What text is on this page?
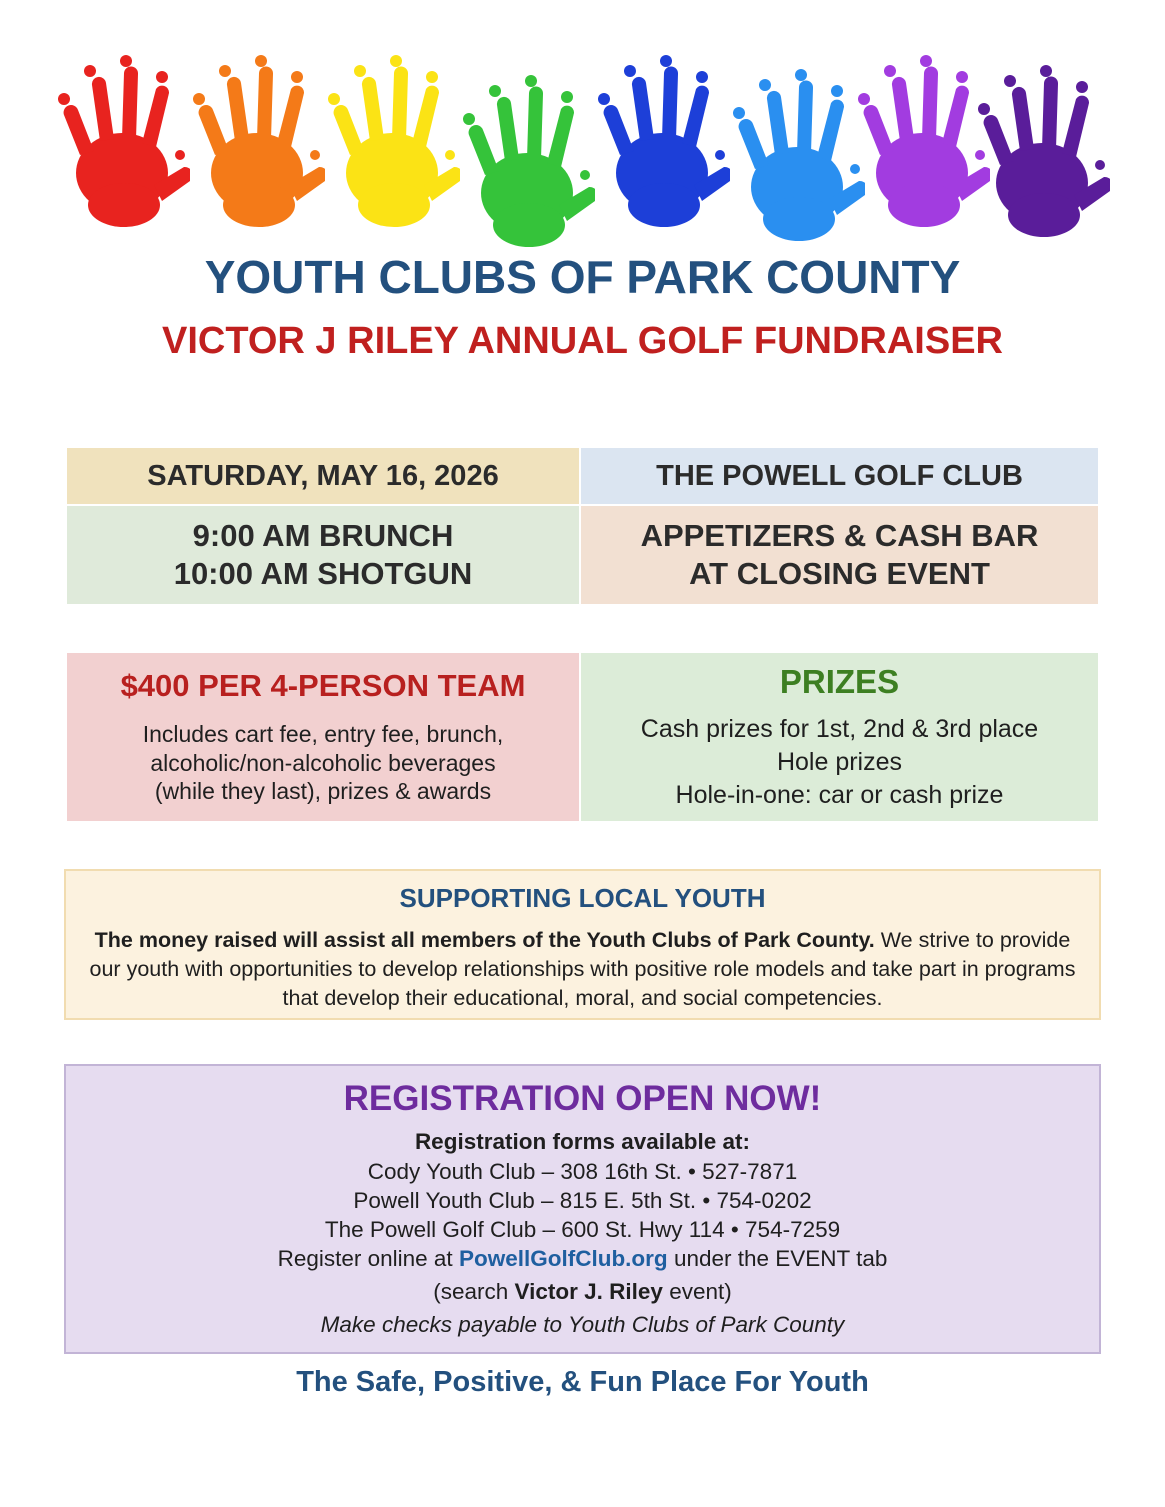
YOUTH CLUBS OF PARK COUNTY
VICTOR J RILEY ANNUAL GOLF FUNDRAISER
SATURDAY, MAY 16, 2026	THE POWELL GOLF CLUB
9:00 AM BRUNCH
10:00 AM SHOTGUN
APPETIZERS & CASH BAR
AT CLOSING EVENT
$400 PER 4-PERSON TEAM
Includes cart fee, entry fee, brunch,
alcoholic/non-alcoholic beverages
(while they last), prizes & awards
PRIZES
Cash prizes for 1st, 2nd & 3rd place
Hole prizes
Hole-in-one: car or cash prize
SUPPORTING LOCAL YOUTH
The money raised will assist all members of the Youth Clubs of Park County. We strive to provide our youth with opportunities to develop relationships with positive role models and take part in programs that develop their educational, moral, and social competencies.
REGISTRATION OPEN NOW!
Registration forms available at:
Cody Youth Club – 308 16th St. • 527-7871
Powell Youth Club – 815 E. 5th St. • 754-0202
The Powell Golf Club – 600 St. Hwy 114 • 754-7259
Register online at PowellGolfClub.org under the EVENT tab
(search Victor J. Riley event)
Make checks payable to Youth Clubs of Park County
The Safe, Positive, & Fun Place For Youth
